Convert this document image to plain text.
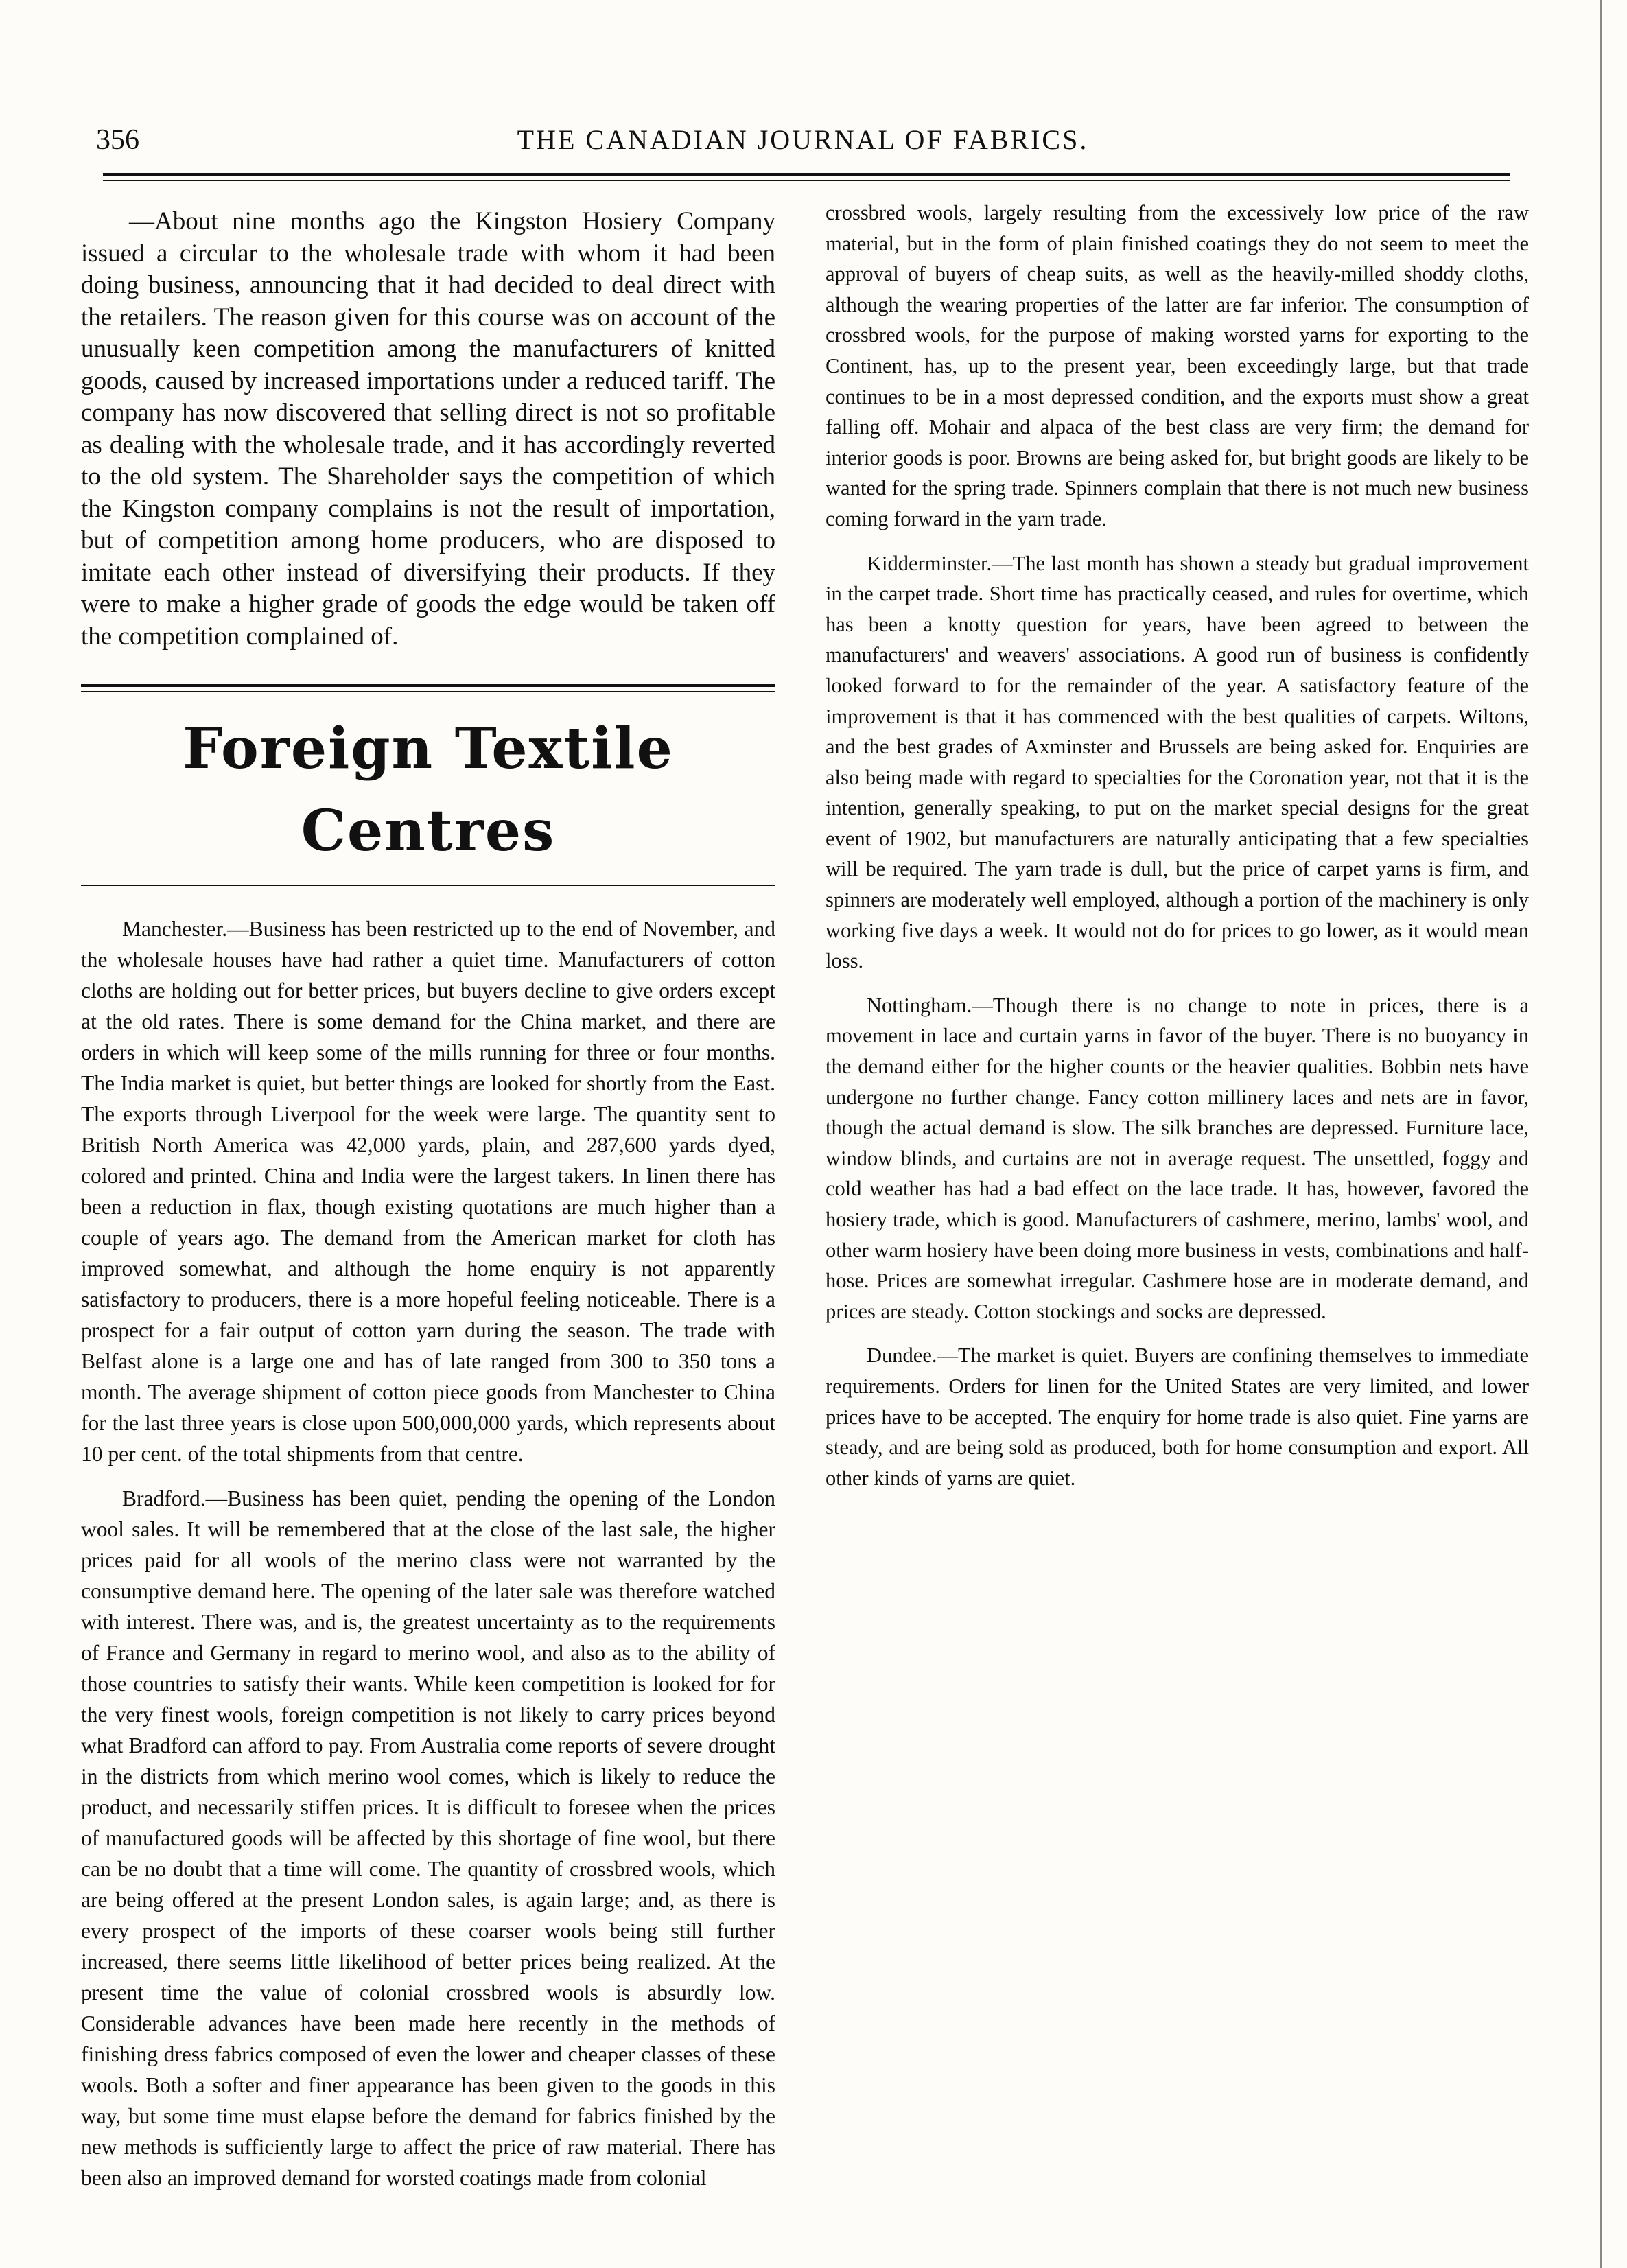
356	THE CANADIAN JOURNAL OF FABRICS.

—About nine months ago the Kingston Hosiery Company issued a circular to the wholesale trade with whom it had been doing business, announcing that it had decided to deal direct with the retailers. The reason given for this course was on account of the unusually keen competition among the manufacturers of knitted goods, caused by increased importations under a reduced tariff. The company has now discovered that selling direct is not so profitable as dealing with the wholesale trade, and it has accordingly reverted to the old system. The Shareholder says the competition of which the Kingston company complains is not the result of importation, but of competition among home producers, who are disposed to imitate each other instead of diversifying their products. If they were to make a higher grade of goods the edge would be taken off the competition complained of.

Foreign Textile Centres

Manchester.—Business has been restricted up to the end of November, and the wholesale houses have had rather a quiet time. Manufacturers of cotton cloths are holding out for better prices, but buyers decline to give orders except at the old rates. There is some demand for the China market, and there are orders in which will keep some of the mills running for three or four months. The India market is quiet, but better things are looked for shortly from the East. The exports through Liverpool for the week were large. The quantity sent to British North America was 42,000 yards, plain, and 287,600 yards dyed, colored and printed. China and India were the largest takers. In linen there has been a reduction in flax, though existing quotations are much higher than a couple of years ago. The demand from the American market for cloth has improved somewhat, and although the home enquiry is not apparently satisfactory to producers, there is a more hopeful feeling noticeable. There is a prospect for a fair output of cotton yarn during the season. The trade with Belfast alone is a large one and has of late ranged from 300 to 350 tons a month. The average shipment of cotton piece goods from Manchester to China for the last three years is close upon 500,000,000 yards, which represents about 10 per cent. of the total shipments from that centre.

Bradford.—Business has been quiet, pending the opening of the London wool sales. It will be remembered that at the close of the last sale, the higher prices paid for all wools of the merino class were not warranted by the consumptive demand here. The opening of the later sale was therefore watched with interest. There was, and is, the greatest uncertainty as to the requirements of France and Germany in regard to merino wool, and also as to the ability of those countries to satisfy their wants. While keen competition is looked for for the very finest wools, foreign competition is not likely to carry prices beyond what Bradford can afford to pay. From Australia come reports of severe drought in the districts from which merino wool comes, which is likely to reduce the product, and necessarily stiffen prices. It is difficult to foresee when the prices of manufactured goods will be affected by this shortage of fine wool, but there can be no doubt that a time will come. The quantity of crossbred wools, which are being offered at the present London sales, is again large; and, as there is every prospect of the imports of these coarser wools being still further increased, there seems little likelihood of better prices being realized. At the present time the value of colonial crossbred wools is absurdly low. Considerable advances have been made here recently in the methods of finishing dress fabrics composed of even the lower and cheaper classes of these wools. Both a softer and finer appearance has been given to the goods in this way, but some time must elapse before the demand for fabrics finished by the new methods is sufficiently large to affect the price of raw material. There has been also an improved demand for worsted coatings made from colonial

crossbred wools, largely resulting from the excessively low price of the raw material, but in the form of plain finished coatings they do not seem to meet the approval of buyers of cheap suits, as well as the heavily-milled shoddy cloths, although the wearing properties of the latter are far inferior. The consumption of crossbred wools, for the purpose of making worsted yarns for exporting to the Continent, has, up to the present year, been exceedingly large, but that trade continues to be in a most depressed condition, and the exports must show a great falling off. Mohair and alpaca of the best class are very firm; the demand for interior goods is poor. Browns are being asked for, but bright goods are likely to be wanted for the spring trade. Spinners complain that there is not much new business coming forward in the yarn trade.

Kidderminster.—The last month has shown a steady but gradual improvement in the carpet trade. Short time has practically ceased, and rules for overtime, which has been a knotty question for years, have been agreed to between the manufacturers' and weavers' associations. A good run of business is confidently looked forward to for the remainder of the year. A satisfactory feature of the improvement is that it has commenced with the best qualities of carpets. Wiltons, and the best grades of Axminster and Brussels are being asked for. Enquiries are also being made with regard to specialties for the Coronation year, not that it is the intention, generally speaking, to put on the market special designs for the great event of 1902, but manufacturers are naturally anticipating that a few specialties will be required. The yarn trade is dull, but the price of carpet yarns is firm, and spinners are moderately well employed, although a portion of the machinery is only working five days a week. It would not do for prices to go lower, as it would mean loss.

Nottingham.—Though there is no change to note in prices, there is a movement in lace and curtain yarns in favor of the buyer. There is no buoyancy in the demand either for the higher counts or the heavier qualities. Bobbin nets have undergone no further change. Fancy cotton millinery laces and nets are in favor, though the actual demand is slow. The silk branches are depressed. Furniture lace, window blinds, and curtains are not in average request. The unsettled, foggy and cold weather has had a bad effect on the lace trade. It has, however, favored the hosiery trade, which is good. Manufacturers of cashmere, merino, lambs' wool, and other warm hosiery have been doing more business in vests, combinations and half-hose. Prices are somewhat irregular. Cashmere hose are in moderate demand, and prices are steady. Cotton stockings and socks are depressed.

Dundee.—The market is quiet. Buyers are confining themselves to immediate requirements. Orders for linen for the United States are very limited, and lower prices have to be accepted. The enquiry for home trade is also quiet. Fine yarns are steady, and are being sold as produced, both for home consumption and export. All other kinds of yarns are quiet.
